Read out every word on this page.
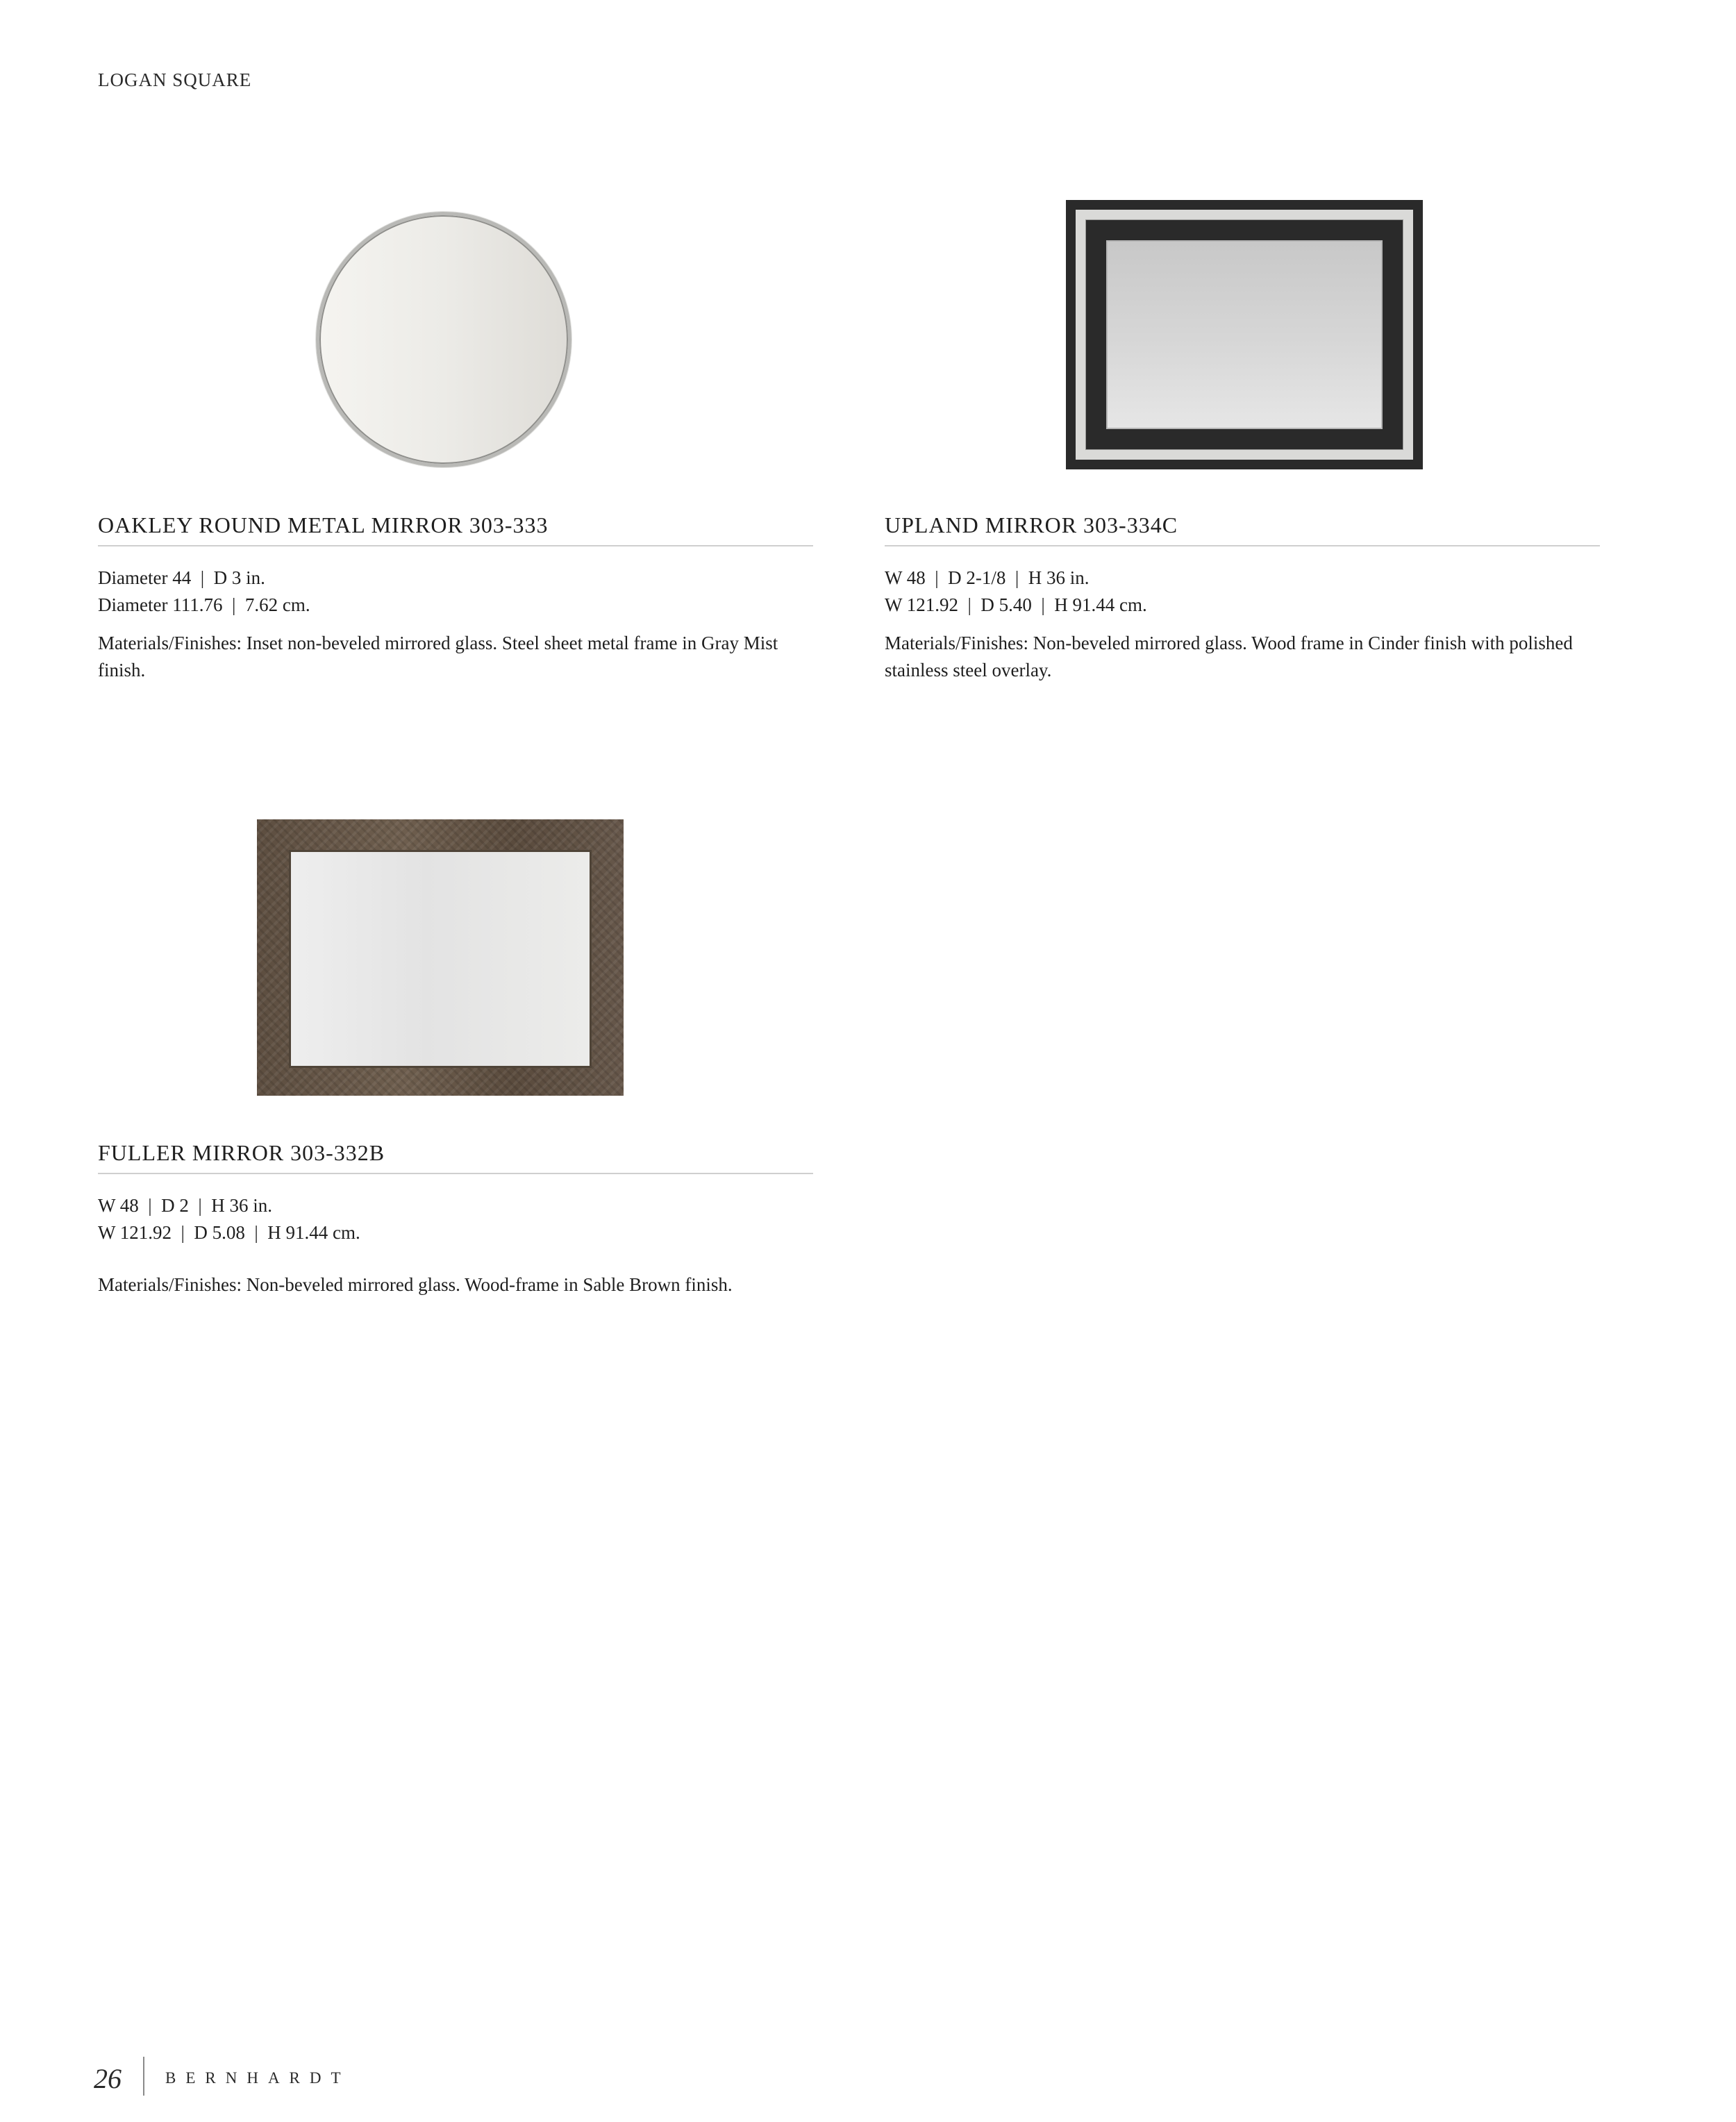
LOGAN SQUARE
OAKLEY ROUND METAL MIRROR 303-333
Diameter 44  |  D 3 in.
Diameter 111.76  |  7.62 cm.
Materials/Finishes: Inset non-beveled mirrored glass. Steel sheet metal frame in Gray Mist finish.
UPLAND MIRROR 303-334C
W 48  |  D 2-1/8  |  H 36 in.
W 121.92  |  D 5.40  |  H 91.44 cm.
Materials/Finishes: Non-beveled mirrored glass. Wood frame in Cinder finish with polished stainless steel overlay.
FULLER MIRROR 303-332B
W 48  |  D 2  |  H 36 in.
W 121.92  |  D 5.08  |  H 91.44 cm.
Materials/Finishes: Non-beveled mirrored glass. Wood-frame in Sable Brown finish.
26	BERNHARDT
